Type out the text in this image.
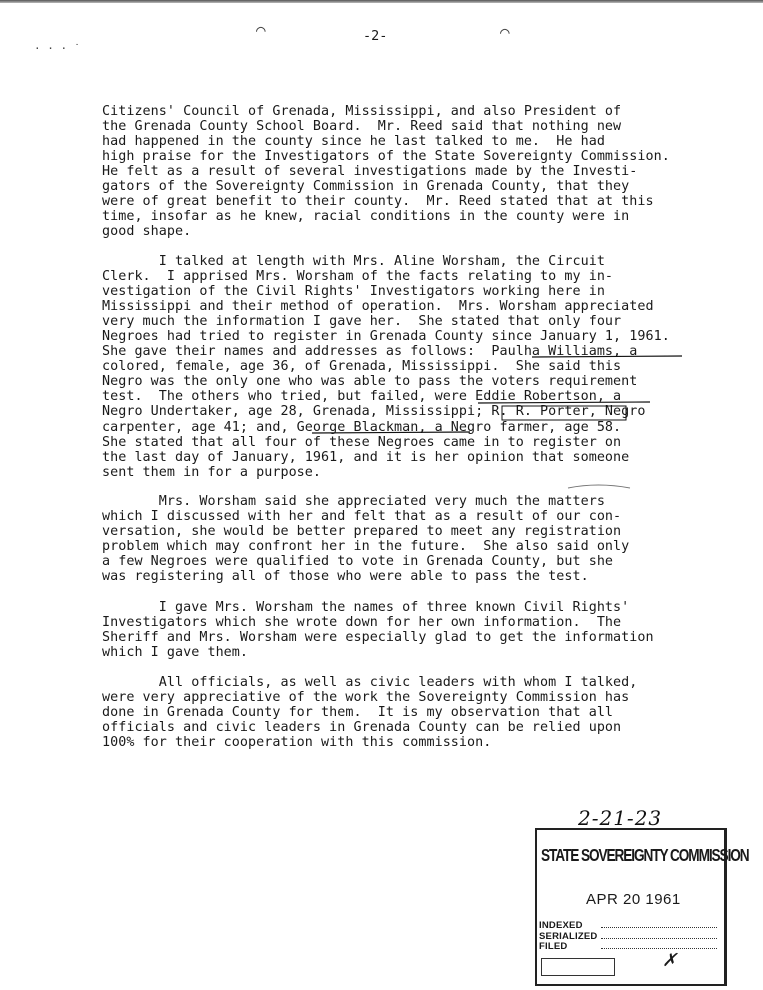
⌒	⌒
· · · ˙
-2-
Citizens' Council of Grenada, Mississippi, and also President of
the Grenada County School Board.  Mr. Reed said that nothing new
had happened in the county since he last talked to me.  He had
high praise for the Investigators of the State Sovereignty Commission.
He felt as a result of several investigations made by the Investi-
gators of the Sovereignty Commission in Grenada County, that they
were of great benefit to their county.  Mr. Reed stated that at this
time, insofar as he knew, racial conditions in the county were in
good shape.
I talked at length with Mrs. Aline Worsham, the Circuit
Clerk.  I apprised Mrs. Worsham of the facts relating to my in-
vestigation of the Civil Rights' Investigators working here in
Mississippi and their method of operation.  Mrs. Worsham appreciated
very much the information I gave her.  She stated that only four
Negroes had tried to register in Grenada County since January 1, 1961.
She gave their names and addresses as follows:  Paulha Williams, a
colored, female, age 36, of Grenada, Mississippi.  She said this
Negro was the only one who was able to pass the voters requirement
test.  The others who tried, but failed, were Eddie Robertson, a
Negro Undertaker, age 28, Grenada, Mississippi; R. R. Porter, Negro
carpenter, age 41; and, George Blackman, a Negro farmer, age 58.
She stated that all four of these Negroes came in to register on
the last day of January, 1961, and it is her opinion that someone
sent them in for a purpose.
Mrs. Worsham said she appreciated very much the matters
which I discussed with her and felt that as a result of our con-
versation, she would be better prepared to meet any registration
problem which may confront her in the future.  She also said only
a few Negroes were qualified to vote in Grenada County, but she
was registering all of those who were able to pass the test.
I gave Mrs. Worsham the names of three known Civil Rights'
Investigators which she wrote down for her own information.  The
Sheriff and Mrs. Worsham were especially glad to get the information
which I gave them.
All officials, as well as civic leaders with whom I talked,
were very appreciative of the work the Sovereignty Commission has
done in Grenada County for them.  It is my observation that all
officials and civic leaders in Grenada County can be relied upon
100% for their cooperation with this commission.
2-21-23
STATE SOVEREIGNTY COMMISSION
APR 20 1961
INDEXED
SERIALIZED
FILED
✗
